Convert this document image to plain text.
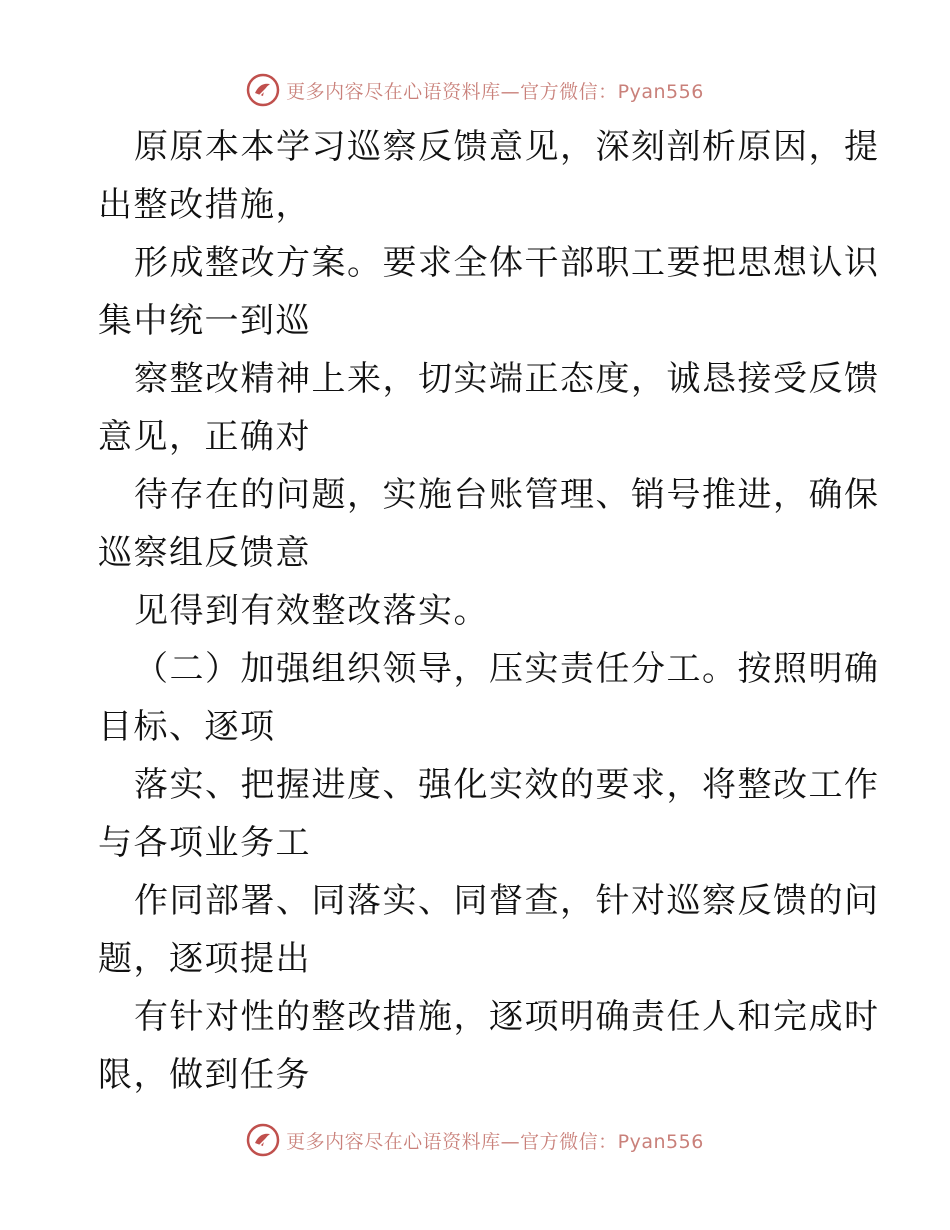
更多内容尽在心语资料库—官方微信：Pyan556
原原本本学习巡察反馈意见，深刻剖析原因，提
出整改措施，
形成整改方案。要求全体干部职工要把思想认识
集中统一到巡
察整改精神上来，切实端正态度，诚恳接受反馈
意见，正确对
待存在的问题，实施台账管理、销号推进，确保
巡察组反馈意
见得到有效整改落实。
（二）加强组织领导，压实责任分工。按照明确
目标、逐项
落实、把握进度、强化实效的要求，将整改工作
与各项业务工
作同部署、同落实、同督查，针对巡察反馈的问
题，逐项提出
有针对性的整改措施，逐项明确责任人和完成时
限，做到任务
更多内容尽在心语资料库—官方微信：Pyan556
